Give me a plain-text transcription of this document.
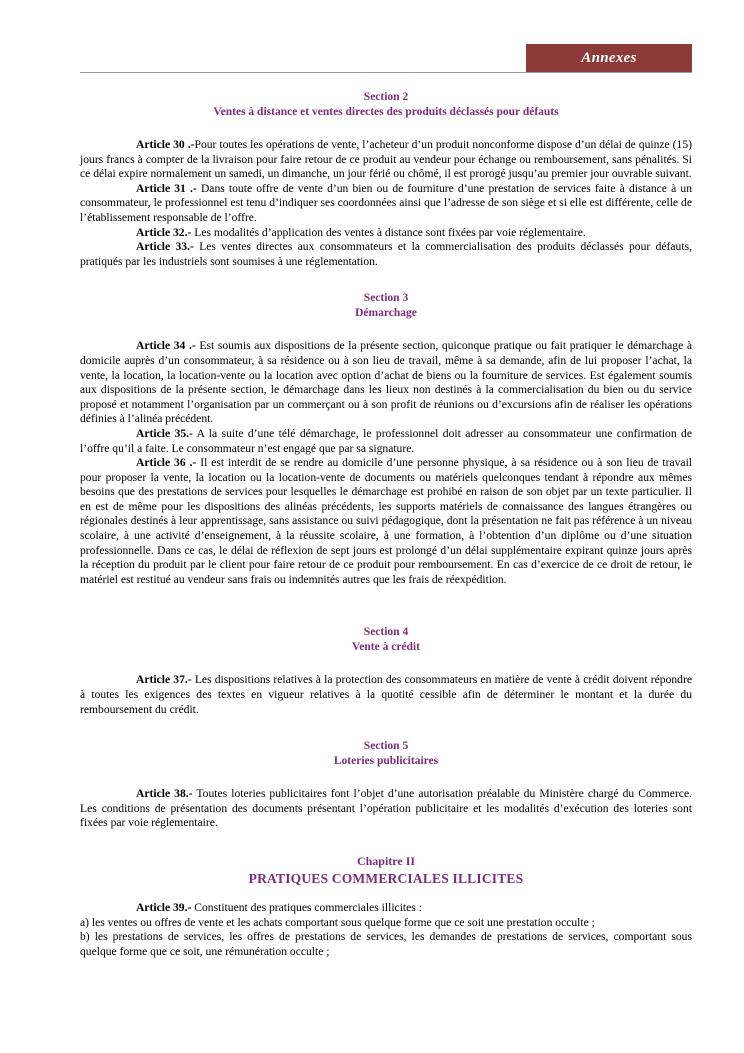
Annexes
Section 2
Ventes à distance et ventes directes des produits déclassés pour défauts

Article 30 .-Pour toutes les opérations de vente, l’acheteur d’un produit nonconforme dispose d’un délai de quinze (15) jours francs à compter de la livraison pour faire retour de ce produit au vendeur pour échange ou remboursement, sans pénalités. Si ce délai expire normalement un samedi, un dimanche, un jour férié ou chômé, il est prorogé jusqu’au premier jour ouvrable suivant.

Article 31 .- Dans toute offre de vente d’un bien ou de fourniture d’une prestation de services faite à distance à un consommateur, le professionnel est tenu d’indiquer ses coordonnées ainsi que l’adresse de son siège et si elle est différente, celle de l’établissement responsable de l’offre.

Article 32.- Les modalités d’application des ventes à distance sont fixées par voie réglementaire.

Article 33.- Les ventes directes aux consommateurs et la commercialisation des produits déclassés pour défauts, pratiqués par les industriels sont soumises à une réglementation.

Section 3
Démarchage

Article 34 .- Est soumis aux dispositions de la présente section, quiconque pratique ou fait pratiquer le démarchage à domicile auprès d’un consommateur, à sa résidence ou à son lieu de travail, même à sa demande, afin de lui proposer l’achat, la vente, la location, la location-vente ou la location avec option d’achat de biens ou la fourniture de services. Est également soumis aux dispositions de la présente section, le démarchage dans les lieux non destinés à la commercialisation du bien ou du service proposé et notamment l’organisation par un commerçant ou à son profit de réunions ou d’excursions afin de réaliser les opérations définies à l’alinéa précédent.

Article 35.- A la suite d’une télé démarchage, le professionnel doit adresser au consommateur une confirmation de l’offre qu’il a faite. Le consommateur n’est engagé que par sa signature.

Article 36 .- Il est interdit de se rendre au domicile d’une personne physique, à sa résidence ou à son lieu de travail pour proposer la vente, la location ou la location-vente de documents ou matériels quelconques tendant à répondre aux mêmes besoins que des prestations de services pour lesquelles le démarchage est prohibé en raison de son objet par un texte particulier. Il en est de même pour les dispositions des alinéas précédents, les supports matériels de connaissance des langues étrangères ou régionales destinés à leur apprentissage, sans assistance ou suivi pédagogique, dont la présentation ne fait pas référence à un niveau scolaire, à une activité d’enseignement, à la réussite scolaire, à une formation, à l’obtention d’un diplôme ou d’une situation professionnelle. Dans ce cas, le délai de réflexion de sept jours est prolongé d’un délai supplémentaire expirant quinze jours après la réception du produit par le client pour faire retour de ce produit pour remboursement. En cas d’exercice de ce droit de retour, le matériel est restitué au vendeur sans frais ou indemnités autres que les frais de réexpédition.

Section 4
Vente à crédit

Article 37.- Les dispositions relatives à la protection des consommateurs en matière de vente à crédit doivent répondre à toutes les exigences des textes en vigueur relatives à la quotité cessible afin de déterminer le montant et la durée du remboursement du crédit.

Section 5
Loteries publicitaires

Article 38.- Toutes loteries publicitaires font l’objet d’une autorisation préalable du Ministère chargé du Commerce. Les conditions de présentation des documents présentant l’opération publicitaire et les modalités d’exécution des loteries sont fixées par voie réglementaire.

Chapitre II
PRATIQUES COMMERCIALES ILLICITES

Article 39.- Constituent des pratiques commerciales illicites :

a) les ventes ou offres de vente et les achats comportant sous quelque forme que ce soit une prestation occulte ;

b) les prestations de services, les offres de prestations de services, les demandes de prestations de services, comportant sous quelque forme que ce soit, une rémunération occulte ;
